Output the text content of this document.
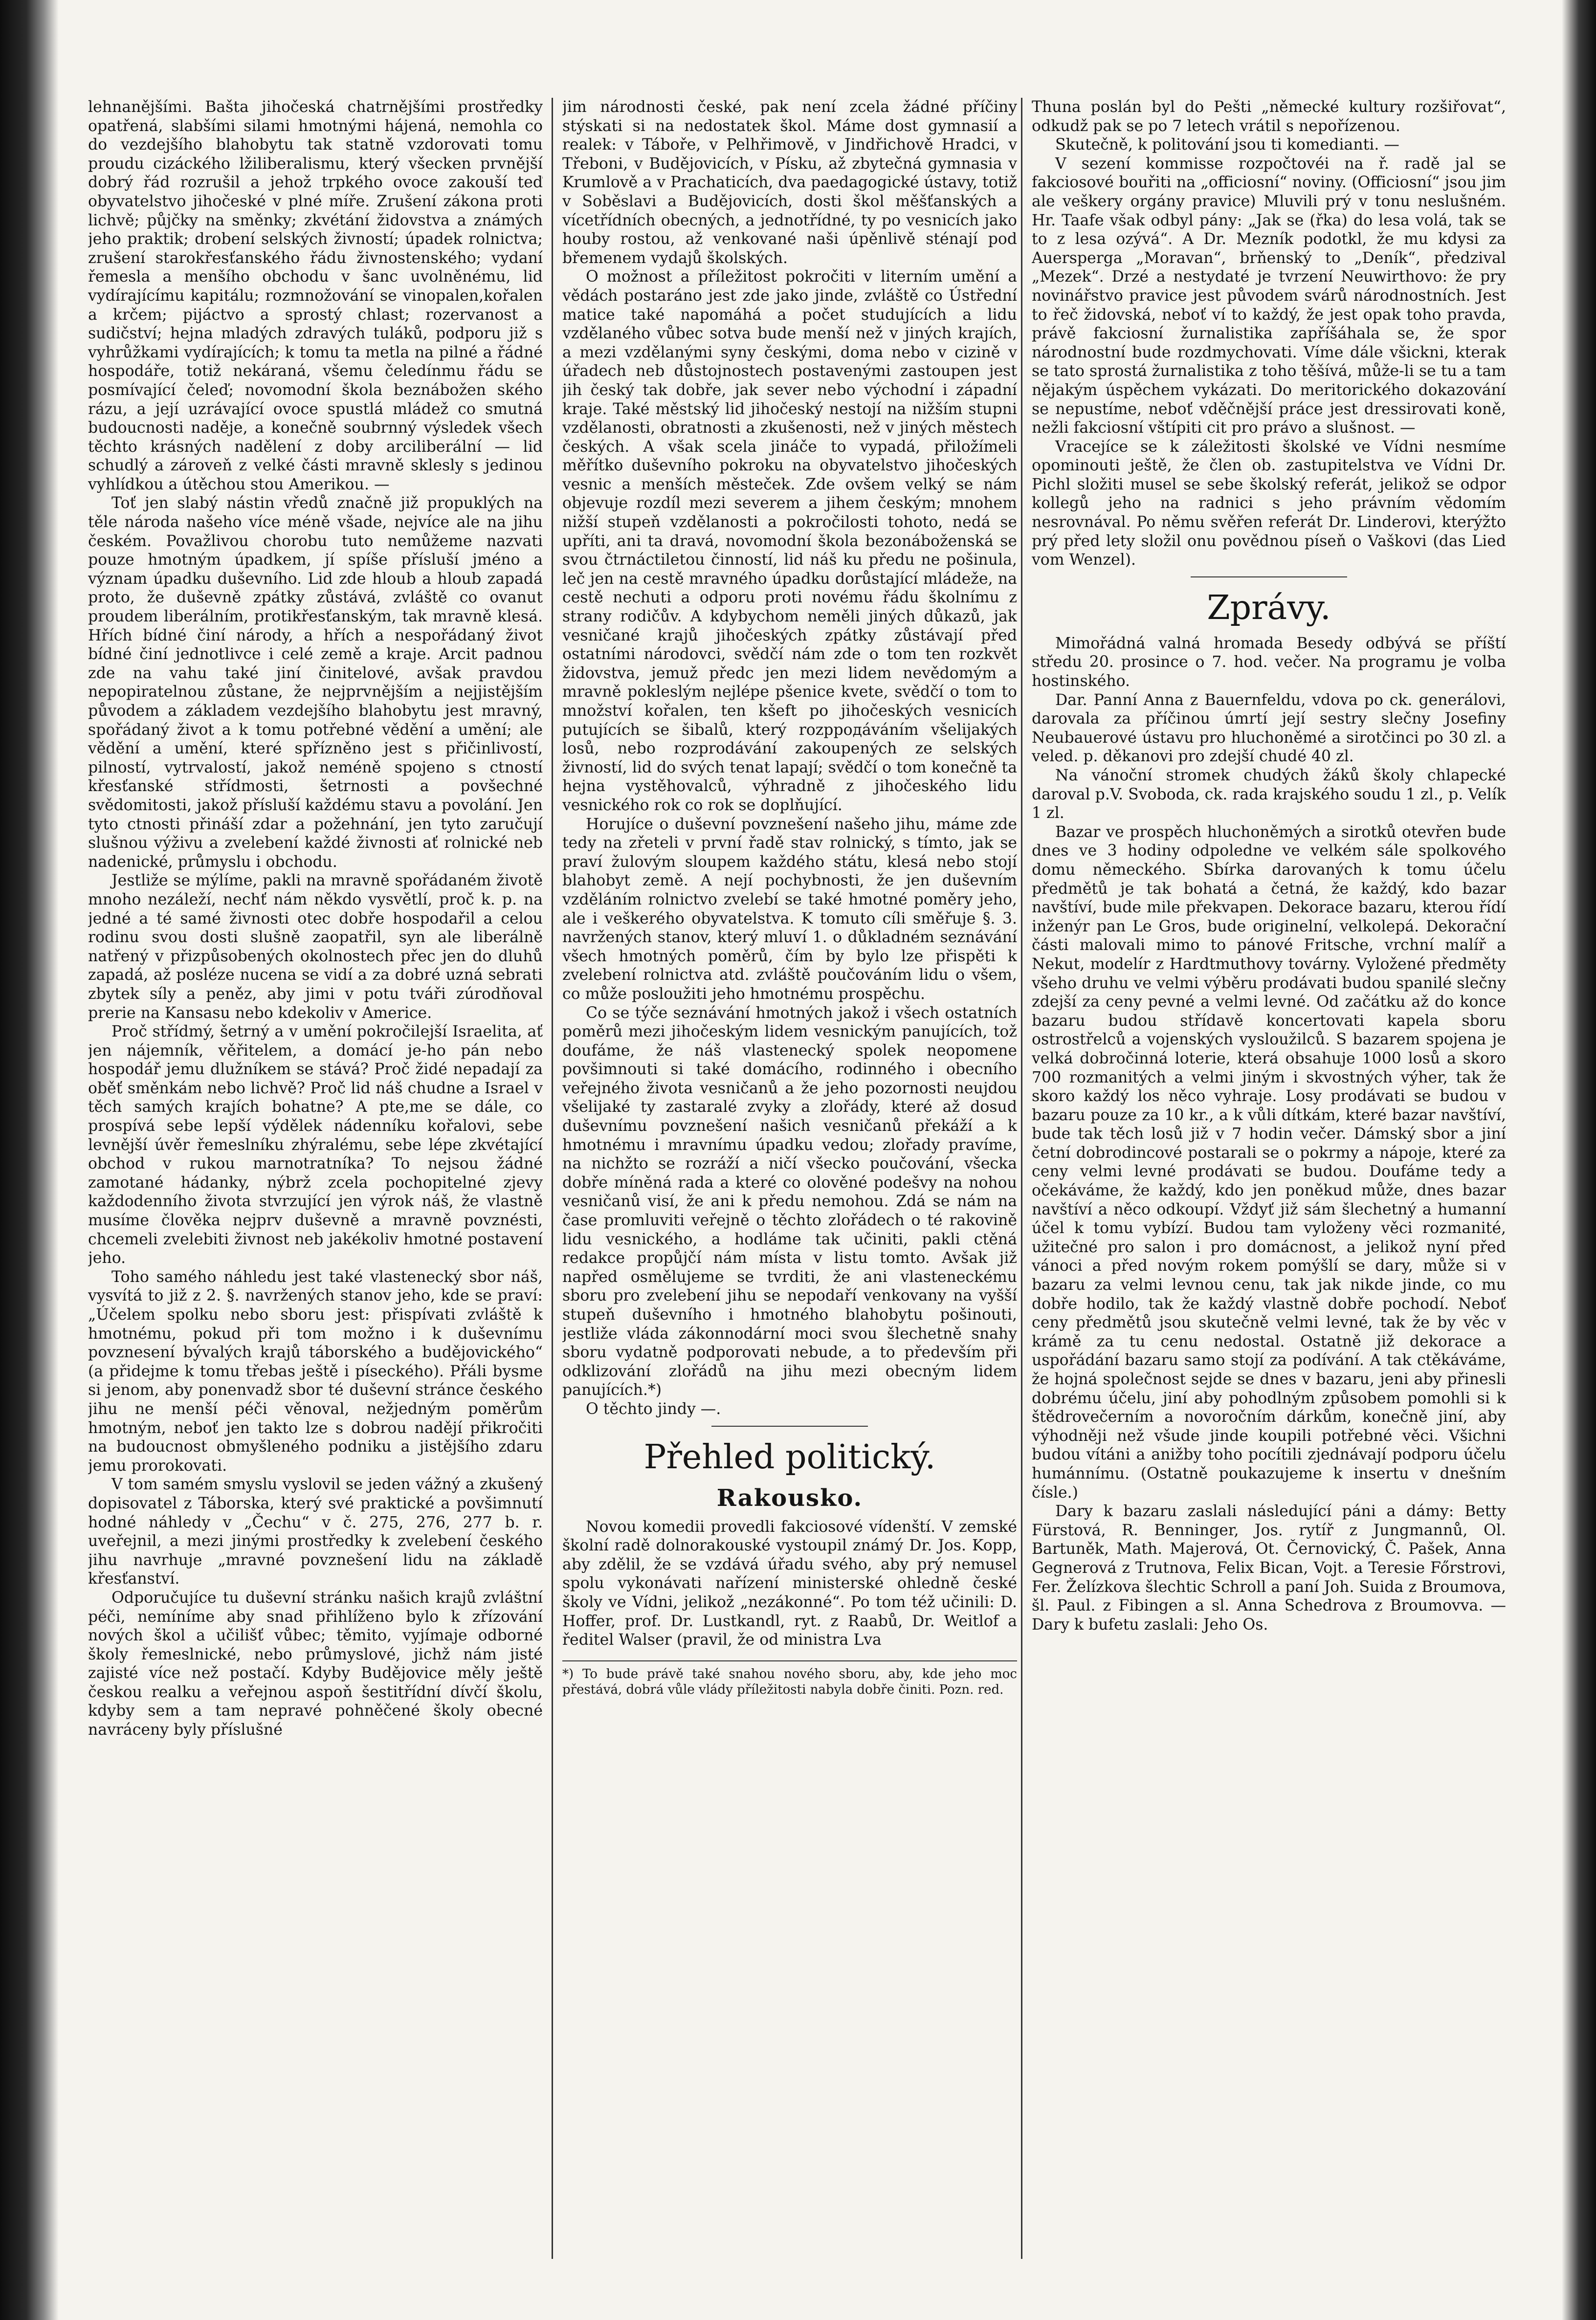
lehnanějšími. Bašta jihočeská chatrnějšími prostředky opatřená, slabšími silami hmotnými hájená, nemohla co do vezdejšího blahobytu tak statně vzdorovati tomu proudu cizáckého lžiliberalismu, který všecken prvnější dobrý řád rozrušil a jehož trpkého ovoce zakouší teď obyvatelstvo jihočeské v plné míře. Zrušení zákona proti lichvě; půjčky na směnky; zkvétání židovstva a známých jeho praktik; drobení selských živností; úpadek rolnictva; zrušení starokřesťanského řádu živnostenského; vydaní řemesla a menšího obchodu v šanc uvolněnému, lid vydírajícímu kapitálu; rozmnožování se vinopalen,kořalen a krčem; pijáctvo a sprostý chlast; rozervanost a sudičství; hejna mladých zdravých tuláků, podporu již s vyhrůžkami vydírajících; k tomu ta metla na pilné a řádné hospodáře, totiž nekáraná, všemu čeledínmu řádu se posmívající čeleď; novomodní škola beznábožen ského rázu, a její uzrávající ovoce spustlá mládež co smutná budoucnosti naděje, a konečně soubrnný výsledek všech těchto krásných nadělení z doby arciliberální — lid schudlý a zároveň z velké části mravně sklesly s jedinou vyhlídkou a útěchou stou Amerikou. —

Toť jen slabý nástin vředů značně již propuklých na těle národa našeho více méně všade, nejvíce ale na jihu českém. Považlivou chorobu tuto nemůžeme nazvati pouze hmotným úpadkem, jí spíše přísluší jméno a význam úpadku duševního. Lid zde hloub a hloub zapadá proto, že duševně zpátky zůstává, zvláště co ovanut proudem liberálním, protikřesťanským, tak mravně klesá. Hřích bídné činí národy, a hřích a nespořádaný život bídné činí jednotlivce i celé země a kraje. Arcit padnou zde na vahu také jiní činitelové, avšak pravdou nepopiratelnou zůstane, že nejprvnějším a nejjistějším původem a základem vezdejšího blahobytu jest mravný, spořádaný život a k tomu potřebné vědění a umění; ale vědění a umění, které spřízněno jest s přičinlivostí, pilností, vytrvalostí, jakož neméně spojeno s ctností křesťanské střídmosti, šetrnosti a povšechné svědomitosti, jakož přísluší každému stavu a povolání. Jen tyto ctnosti přináší zdar a požehnání, jen tyto zaručují slušnou výživu a zvelebení každé živnosti ať rolnické neb nadenické, průmyslu i obchodu.

Jestliže se mýlíme, pakli na mravně spořádaném životě mnoho nezáleží, nechť nám někdo vysvětlí, proč k. p. na jedné a té samé živnosti otec dobře hospodařil a celou rodinu svou dosti slušně zaopatřil, syn ale liberálně natřený v přizpůsobených okolnostech přec jen do dluhů zapadá, až posléze nucena se vidí a za dobré uzná sebrati zbytek síly a peněz, aby jimi v potu tváři zúrodňoval prerie na Kansasu nebo kdekoliv v Americe.

Proč střídmý, šetrný a v umění pokročilejší Israelita, ať jen nájemník, věřitelem, a domácí je-ho pán nebo hospodář jemu dlužníkem se stává? Proč židé nepadají za oběť směnkám nebo lichvě? Proč lid náš chudne a Israel v těch samých krajích bohatne? A pte,me se dále, co prospívá sebe lepší výdělek nádenníku kořalovi, sebe levnější úvěr řemeslníku zhýralému, sebe lépe zkvétající obchod v rukou marnotratníka? To nejsou žádné zamotané hádanky, nýbrž zcela pochopitelné zjevy každodenního života stvrzující jen výrok náš, že vlastně musíme člověka nejprv duševně a mravně povznésti, chcemeli zvelebiti živnost neb jakékoliv hmotné postavení jeho.

Toho samého náhledu jest také vlastenecký sbor náš, vysvítá to již z 2. §. navržených stanov jeho, kde se praví: „Účelem spolku nebo sboru jest: přispívati zvláště k hmotnému, pokud při tom možno i k duševnímu povznesení bývalých krajů táborského a budějovického“ (a přidejme k tomu třebas ještě i píseckého). Přáli bysme si jenom, aby ponenvadž sbor té duševní stránce českého jihu ne menší péči věnoval, nežjedným poměrům hmotným, neboť jen takto lze s dobrou nadějí přikročiti na budoucnost obmyšleného podniku a jistějšího zdaru jemu prorokovati.

V tom samém smyslu vyslovil se jeden vážný a zkušený dopisovatel z Táborska, který své praktické a povšimnutí hodné náhledy v „Čechu“ v č. 275, 276, 277 b. r. uveřejnil, a mezi jinými prostředky k zvelebení českého jihu navrhuje „mravné povznešení lidu na základě křesťanství.

Odporučujíce tu duševní stránku našich krajů zvláštní péči, nemíníme aby snad přihlíženo bylo k zřízování nových škol a učilišť vůbec; těmito, vyjímaje odborné školy řemeslnické, nebo průmyslové, jichž nám jisté zajisté více než postačí. Kdyby Budějovice měly ještě českou realku a veřejnou aspoň šestitřídní dívčí školu, kdyby sem a tam nepravé pohněčené školy obecné navráceny byly příslušné

jim národnosti české, pak není zcela žádné příčiny stýskati si na nedostatek škol. Máme dost gymnasií a realek: v Táboře, v Pelhřimově, v Jindřichově Hradci, v Třeboni, v Budějovicích, v Písku, až zbytečná gymnasia v Krumlově a v Prachaticích, dva paedagogické ústavy, totiž v Soběslavi a Budějovicích, dosti škol měšťanských a vícetřídních obecných, a jednotřídné, ty po vesnicích jako houby rostou, až venkované naši úpěnlivě sténají pod břemenem vydajů školských.

O možnost a příležitost pokročiti v literním umění a vědách postaráno jest zde jako jinde, zvláště co Ústřední matice také napomáhá a počet studujících a lidu vzdělaného vůbec sotva bude menší než v jiných krajích, a mezi vzdělanými syny českými, doma nebo v cizině v úřadech neb důstojnostech postavenými zastoupen jest jih český tak dobře, jak sever nebo východní i západní kraje. Také městský lid jihočeský nestojí na nižším stupni vzdělanosti, obratnosti a zkušenosti, než v jiných městech českých. A však scela jináče to vypadá, přiložímeli měřítko duševního pokroku na obyvatelstvo jihočeských vesnic a menších městeček. Zde ovšem velký se nám objevuje rozdíl mezi severem a jihem českým; mnohem nižší stupeň vzdělanosti a pokročilosti tohoto, nedá se upříti, ani ta dravá, novomodní škola bezonáboženská se svou čtrnáctiletou činností, lid náš ku předu ne pošinula, leč jen na cestě mravného úpadku dorůstající mládeže, na cestě nechuti a odporu proti novému řádu školnímu z strany rodičův. A kdybychom neměli jiných důkazů, jak vesničané krajů jihočeských zpátky zůstávají před ostatními národovci, svědčí nám zde o tom ten rozkvět židovstva, jemuž předc jen mezi lidem nevědomým a mravně pokleslým nejlépe pšenice kvete, svědčí o tom to množství kořalen, ten kšeft po jihočeských vesnicích putujících se šibalů, který rozpродáváním všelijakých losů, nebo rozprodávání zakoupených ze selských živností, lid do svých tenat lapají; svědčí o tom konečně ta hejna vystěhovalců, výhradně z jihočeského lidu vesnického rok co rok se doplňující.

Horujíce o duševní povznešení našeho jihu, máme zde tedy na zřeteli v první řadě stav rolnický, s tímto, jak se praví žulovým sloupem každého státu, klesá nebo stojí blahobyt země. A nejí pochybnosti, že jen duševním vzděláním rolnictvo zvelebí se také hmotné poměry jeho, ale i veškerého obyvatelstva. K tomuto cíli směřuje §. 3. navržených stanov, který mluví 1. o důkladném seznávání všech hmotných poměrů, čím by bylo lze přispěti k zvelebení rolnictva atd. zvláště poučováním lidu o všem, co může posloužiti jeho hmotnému prospěchu.

Co se týče seznávání hmotných jakož i všech ostatních poměrů mezi jihočeským lidem vesnickým panujících, tož doufáme, že náš vlastenecký spolek neopomene povšimnouti si také domácího, rodinného i obecního veřejného života vesničanů a že jeho pozornosti neujdou všelijaké ty zastaralé zvyky a zlořády, které až dosud duševnímu povznešení našich vesničanů překáží a k hmotnému i mravnímu úpadku vedou; zlořady pravíme, na nichžto se rozráží a ničí všecko poučování, všecka dobře míněná rada a které co olověné podešvy na nohou vesničanů visí, že ani k předu nemohou. Zdá se nám na čase promluviti veřejně o těchto zlořádech o té rakovině lidu vesnického, a hodláme tak učiniti, pakli ctěná redakce propůjčí nám místa v listu tomto. Avšak již napřed osmělujeme se tvrditi, že ani vlasteneckému sboru pro zvelebení jihu se nepodaří venkovany na vyšší stupeň duševního i hmotného blahobytu pošinouti, jestliže vláda zákonnodární moci svou šlechetně snahy sboru vydatně podporovati nebude, a to především při odklizování zlořádů na jihu mezi obecným lidem panujících.*)

O těchto jindy —.

Přehled politický.
Rakousko.

Novou komedii provedli fakciosové vídenští. V zemské školní radě dolnorakouské vystoupil známý Dr. Jos. Kopp, aby zdělil, že se vzdává úřadu svého, aby prý nemusel spolu vykonávati nařízení ministerské ohledně české školy ve Vídni, jelikož „nezákonné“. Po tom též učinili: D. Hoffer, prof. Dr. Lustkandl, ryt. z Raabů, Dr. Weitlof a ředitel Walser (pravil, že od ministra Lva

*) To bude právě také snahou nového sboru, aby, kde jeho moc přestává, dobrá vůle vlády příležitosti nabyla dobře činiti. Pozn. red.

Thuna poslán byl do Pešti „německé kultury rozšiřovat“, odkudž pak se po 7 letech vrátil s nepořízenou.

Skutečně, k politování jsou ti komedianti. —

V sezení kommisse rozpočtovéi na ř. radě jal se fakciosové bouřiti na „officiosní“ noviny. (Officiosní“ jsou jim ale veškery orgány pravice) Mluvili prý v tonu neslušném. Hr. Taafe však odbyl pány: „Jak se (řka) do lesa volá, tak se to z lesa ozývá“. A Dr. Mezník podotkl, že mu kdysi za Auersperga „Moravan“, brňenský to „Deník“, předzival „Mezek“. Drzé a nestydaté je tvrzení Neuwirthovo: že pry novinářstvo pravice jest původem svárů národnostních. Jest to řeč židovská, neboť ví to každý, že jest opak toho pravda, právě fakciosní žurnalistika zapříšáhala se, že spor národnostní bude rozdmychovati. Víme dále všickni, kterak se tato sprostá žurnalistika z toho těšívá, může-li se tu a tam nějakým úspěchem vykázati. Do meritorického dokazování se nepustíme, neboť vděčnější práce jest dressirovati koně, nežli fakciosní vštípiti cit pro právo a slušnost. —

Vracejíce se k záležitosti školské ve Vídni nesmíme opominouti ještě, že člen ob. zastupitelstva ve Vídni Dr. Pichl složiti musel se sebe školský referát, jelikož se odpor kollegů jeho na radnici s jeho právním vědomím nesrovnával. Po němu svěřen referát Dr. Linderovi, kterýžto prý před lety složil onu povědnou píseň o Vaškovi (das Lied vom Wenzel).

Zprávy.

Mimořádná valná hromada Besedy odbývá se příští středu 20. prosince o 7. hod. večer. Na programu je volba hostinského.

Dar. Panní Anna z Bauernfeldu, vdova po ck. generálovi, darovala za příčinou úmrtí její sestry slečny Josefiny Neubauerové ústavu pro hluchoněmé a sirotčinci po 30 zl. a veled. p. děkanovi pro zdejší chudé 40 zl.

Na vánoční stromek chudých žáků školy chlapecké daroval p.V. Svoboda, ck. rada krajského soudu 1 zl., p. Velík 1 zl.

Bazar ve prospěch hluchoněmých a sirotků otevřen bude dnes ve 3 hodiny odpoledne ve velkém sále spolkového domu německého. Sbírka darovaných k tomu účelu předmětů je tak bohatá a četná, že každý, kdo bazar navštíví, bude mile překvapen. Dekorace bazaru, kterou řídí inženýr pan Le Gros, bude originelní, velkolepá. Dekorační části malovali mimo to pánové Fritsche, vrchní malíř a Nekut, modelír z Hardtmuthovy továrny. Vyložené předměty všeho druhu ve velmi výběru prodávati budou spanilé slečny zdejší za ceny pevné a velmi levné. Od začátku až do konce bazaru budou střídavě koncertovati kapela sboru ostrostřelců a vojenských vysloužilců. S bazarem spojena je velká dobročinná loterie, která obsahuje 1000 losů a skoro 700 rozmanitých a velmi jiným i skvostných výher, tak že skoro každý los něco vyhraje. Losy prodávati se budou v bazaru pouze za 10 kr., a k vůli dítkám, které bazar navštíví, bude tak těch losů již v 7 hodin večer. Dámský sbor a jiní četní dobrodincové postarali se o pokrmy a nápoje, které za ceny velmi levné prodávati se budou. Doufáme tedy a očekáváme, že každý, kdo jen poněkud může, dnes bazar navštíví a něco odkoupí. Vždyť již sám šlechetný a humanní účel k tomu vybízí. Budou tam vyloženy věci rozmanité, užitečné pro salon i pro domácnost, a jelikož nyní před vánoci a před novým rokem pomýšlí se dary, může si v bazaru za velmi levnou cenu, tak jak nikde jinde, co mu dobře hodilo, tak že každý vlastně dobře pochodí. Neboť ceny předmětů jsou skutečně velmi levné, tak že by věc v krámě za tu cenu nedostal. Ostatně již dekorace a uspořádání bazaru samo stojí za podívání. A tak ctěkáváme, že hojná společnost sejde se dnes v bazaru, jeni aby přinesli dobrému účelu, jiní aby pohodlným způsobem pomohli si k štědrovečerním a novoročním dárkům, konečně jiní, aby výhodněji než všude jinde koupili potřebné věci. Všichni budou vítáni a anižby toho pocítili zjednávají podporu účelu humánnímu. (Ostatně poukazujeme k insertu v dnešním čísle.)

Dary k bazaru zaslali následující páni a dámy: Betty Fürstová, R. Benninger, Jos. rytíř z Jungmannů, Ol. Bartuněk, Math. Majerová, Ot. Černovický, Č. Pašek, Anna Gegnerová z Trutnova, Felix Bican, Vojt. a Teresie Főrstrovi, Fer. Želízkova šlechtic Schroll a paní Joh. Suida z Broumova, šl. Paul. z Fibingen a sl. Anna Schedrova z Broumovva. — Dary k bufetu zaslali: Jeho Os.
